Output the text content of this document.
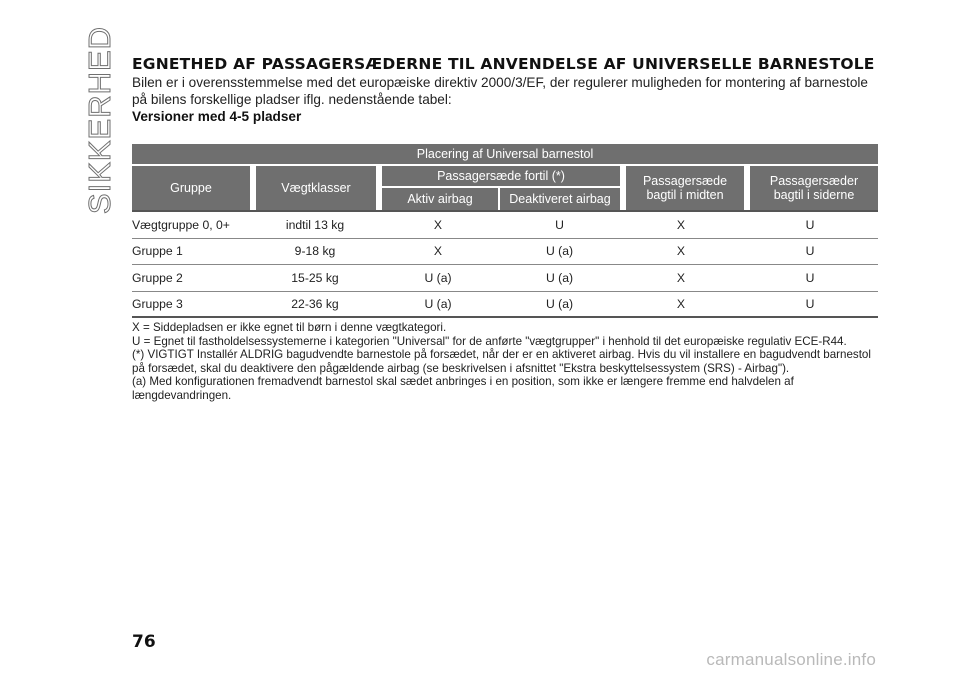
SIKKERHED EGNETHED AF PASSAGERSÆDERNE TIL ANVENDELSE AF UNIVERSELLE BARNESTOLE

Bilen er i overensstemmelse med det europæiske direktiv 2000/3/EF, der regulerer muligheden for montering af barnestole på bilens forskellige pladser iflg. nedenstående tabel:

Versioner med 4-5 pladser

Placering af Universal barnestol
Gruppe	Vægtklasser
Passagersæde fortil (*)
Aktiv airbag	Deaktiveret airbag
Passagersæde bagtil i midten
Passagersæder bagtil i siderne
Vægtgruppe 0, 0+	indtil 13 kg	X	U	X	U
Gruppe 1	9-18 kg	X	U (a)	X	U
Gruppe 2	15-25 kg	U (a)	U (a)	X	U
Gruppe 3	22-36 kg	U (a)	U (a)	X	U

X = Siddepladsen er ikke egnet til børn i denne vægtkategori.

U = Egnet til fastholdelsessystemerne i kategorien "Universal" for de anførte "vægtgrupper" i henhold til det europæiske regulativ ECE-R44.

(*) VIGTIGT Installér ALDRIG bagudvendte barnestole på forsædet, når der er en aktiveret airbag. Hvis du vil installere en bagudvendt barnestol på forsædet, skal du deaktivere den pågældende airbag (se beskrivelsen i afsnittet "Ekstra beskyttelsessystem (SRS) - Airbag").

(a) Med konfigurationen fremadvendt barnestol skal sædet anbringes i en position, som ikke er længere fremme end halvdelen af længdevandringen.

76
carmanualsonline.info
